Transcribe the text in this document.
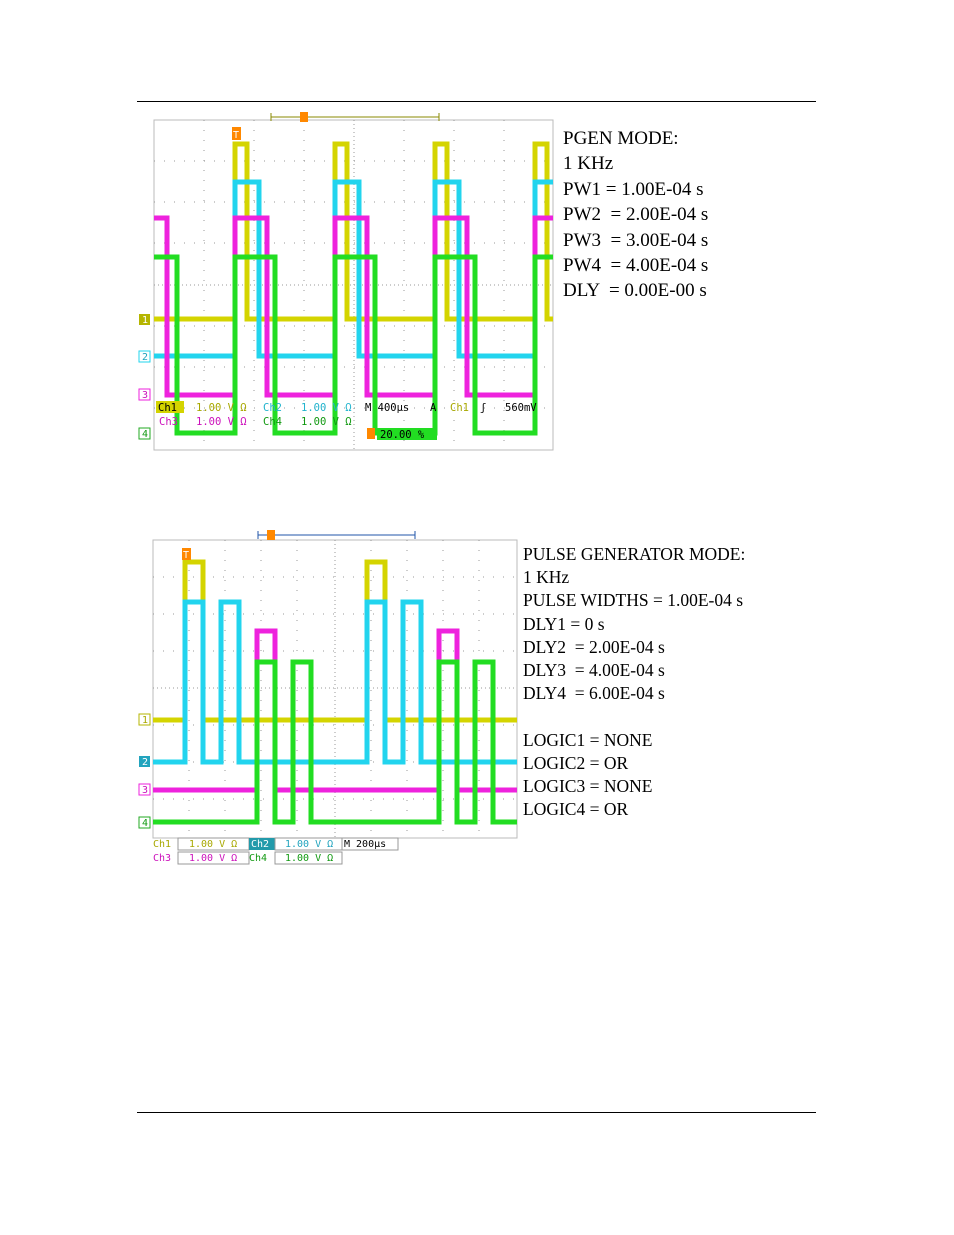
T
1
2
3
4
Ch1 1.00 V Ω Ch2 1.00 V Ω M 400µs A Ch1 ʃ 560mV
Ch3 1.00 V Ω Ch4 1.00 V Ω
20.00 %
PGEN MODE:
1 KHz
PW1 = 1.00E-04 s
PW2  = 2.00E-04 s
PW3  = 3.00E-04 s
PW4  = 4.00E-04 s
DLY  = 0.00E-00 s
T
1
2
3
4
Ch1 1.00 V Ω Ch2 1.00 V Ω M 200µs
Ch3 1.00 V Ω Ch4 1.00 V Ω
PULSE GENERATOR MODE:
1 KHz
PULSE WIDTHS = 1.00E-04 s
DLY1 = 0 s
DLY2  = 2.00E-04 s
DLY3  = 4.00E-04 s
DLY4  = 6.00E-04 s

LOGIC1 = NONE
LOGIC2 = OR
LOGIC3 = NONE
LOGIC4 = OR
